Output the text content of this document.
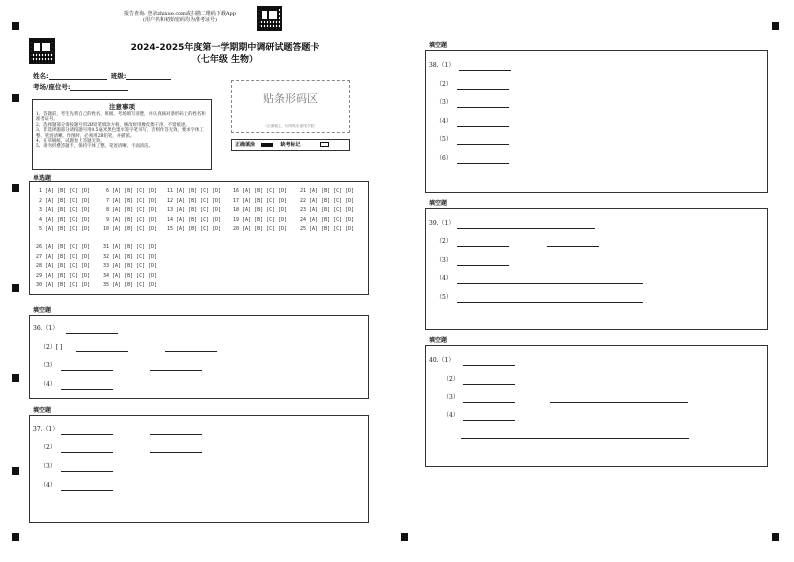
报告查询: 登录zhixue.com或扫描二维码下载App
(用户名和初始密码均为准考证号)
2024-2025年度第一学期期中调研试题答题卡
（七年级 生物）
姓名:	班级:
考场/座位号:
注意事项

1、答题前，考生先将自己的姓名、班级、考场填写清楚，并认真核对条形码上的姓名和准考证号。

2、选择题部分请按题号用2B铅笔填涂方框，修改时用橡皮擦干净，不留痕迹。

3、非选择题部分请按题号用0.5毫米黑色墨水签字笔书写，否则作答无效。要求字体工整、笔迹清晰。作图时，必须用2B铅笔，并描浓。

4、在草稿纸、试题卷上答题无效。

5、请勿折叠答题卡，保持字体工整、笔迹清晰、卡面清洁。

贴条形码区
（正面朝上，切勿贴出虚线方框）
正确填涂	缺考标记
单选题
1 [A] [B] [C] [D]
2 [A] [B] [C] [D]
3 [A] [B] [C] [D]
4 [A] [B] [C] [D]
5 [A] [B] [C] [D]
6 [A] [B] [C] [D]
7 [A] [B] [C] [D]
8 [A] [B] [C] [D]
9 [A] [B] [C] [D]
10 [A] [B] [C] [D]
11 [A] [B] [C] [D]
12 [A] [B] [C] [D]
13 [A] [B] [C] [D]
14 [A] [B] [C] [D]
15 [A] [B] [C] [D]
16 [A] [B] [C] [D]
17 [A] [B] [C] [D]
18 [A] [B] [C] [D]
19 [A] [B] [C] [D]
20 [A] [B] [C] [D]
21 [A] [B] [C] [D]
22 [A] [B] [C] [D]
23 [A] [B] [C] [D]
24 [A] [B] [C] [D]
25 [A] [B] [C] [D]
26 [A] [B] [C] [D]
27 [A] [B] [C] [D]
28 [A] [B] [C] [D]
29 [A] [B] [C] [D]
30 [A] [B] [C] [D]
31 [A] [B] [C] [D]
32 [A] [B] [C] [D]
33 [A] [B] [C] [D]
34 [A] [B] [C] [D]
35 [A] [B] [C] [D]
填空题
36.（1）
（2）[ ]
（3）
（4）
填空题
37.（1）
（2）
（3）
（4）
填空题
38.（1）
（2）
（3）
（4）
（5）
（6）
填空题
39.（1）
（2）
（3）
（4）
（5）
填空题
40.（1）
（2）
（3）
（4）
